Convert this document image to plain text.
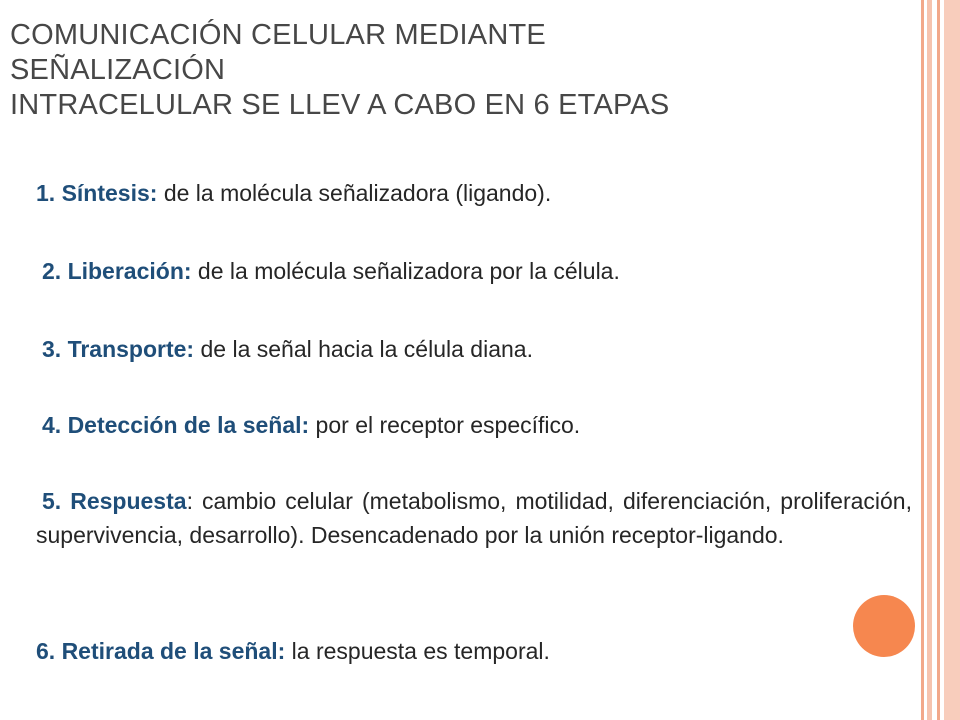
COMUNICACIÓN CELULAR MEDIANTE
SEÑALIZACIÓN
INTRACELULAR SE LLEV A CABO EN 6 ETAPAS
1. Síntesis: de la molécula señalizadora (ligando).
2. Liberación: de la molécula señalizadora por la célula.
3. Transporte: de la señal hacia la célula diana.
4. Detección de la señal: por el receptor específico.
5. Respuesta: cambio celular (metabolismo, motilidad, diferenciación, proliferación, supervivencia, desarrollo). Desencadenado por la unión receptor-ligando.
6. Retirada de la señal: la respuesta es temporal.
